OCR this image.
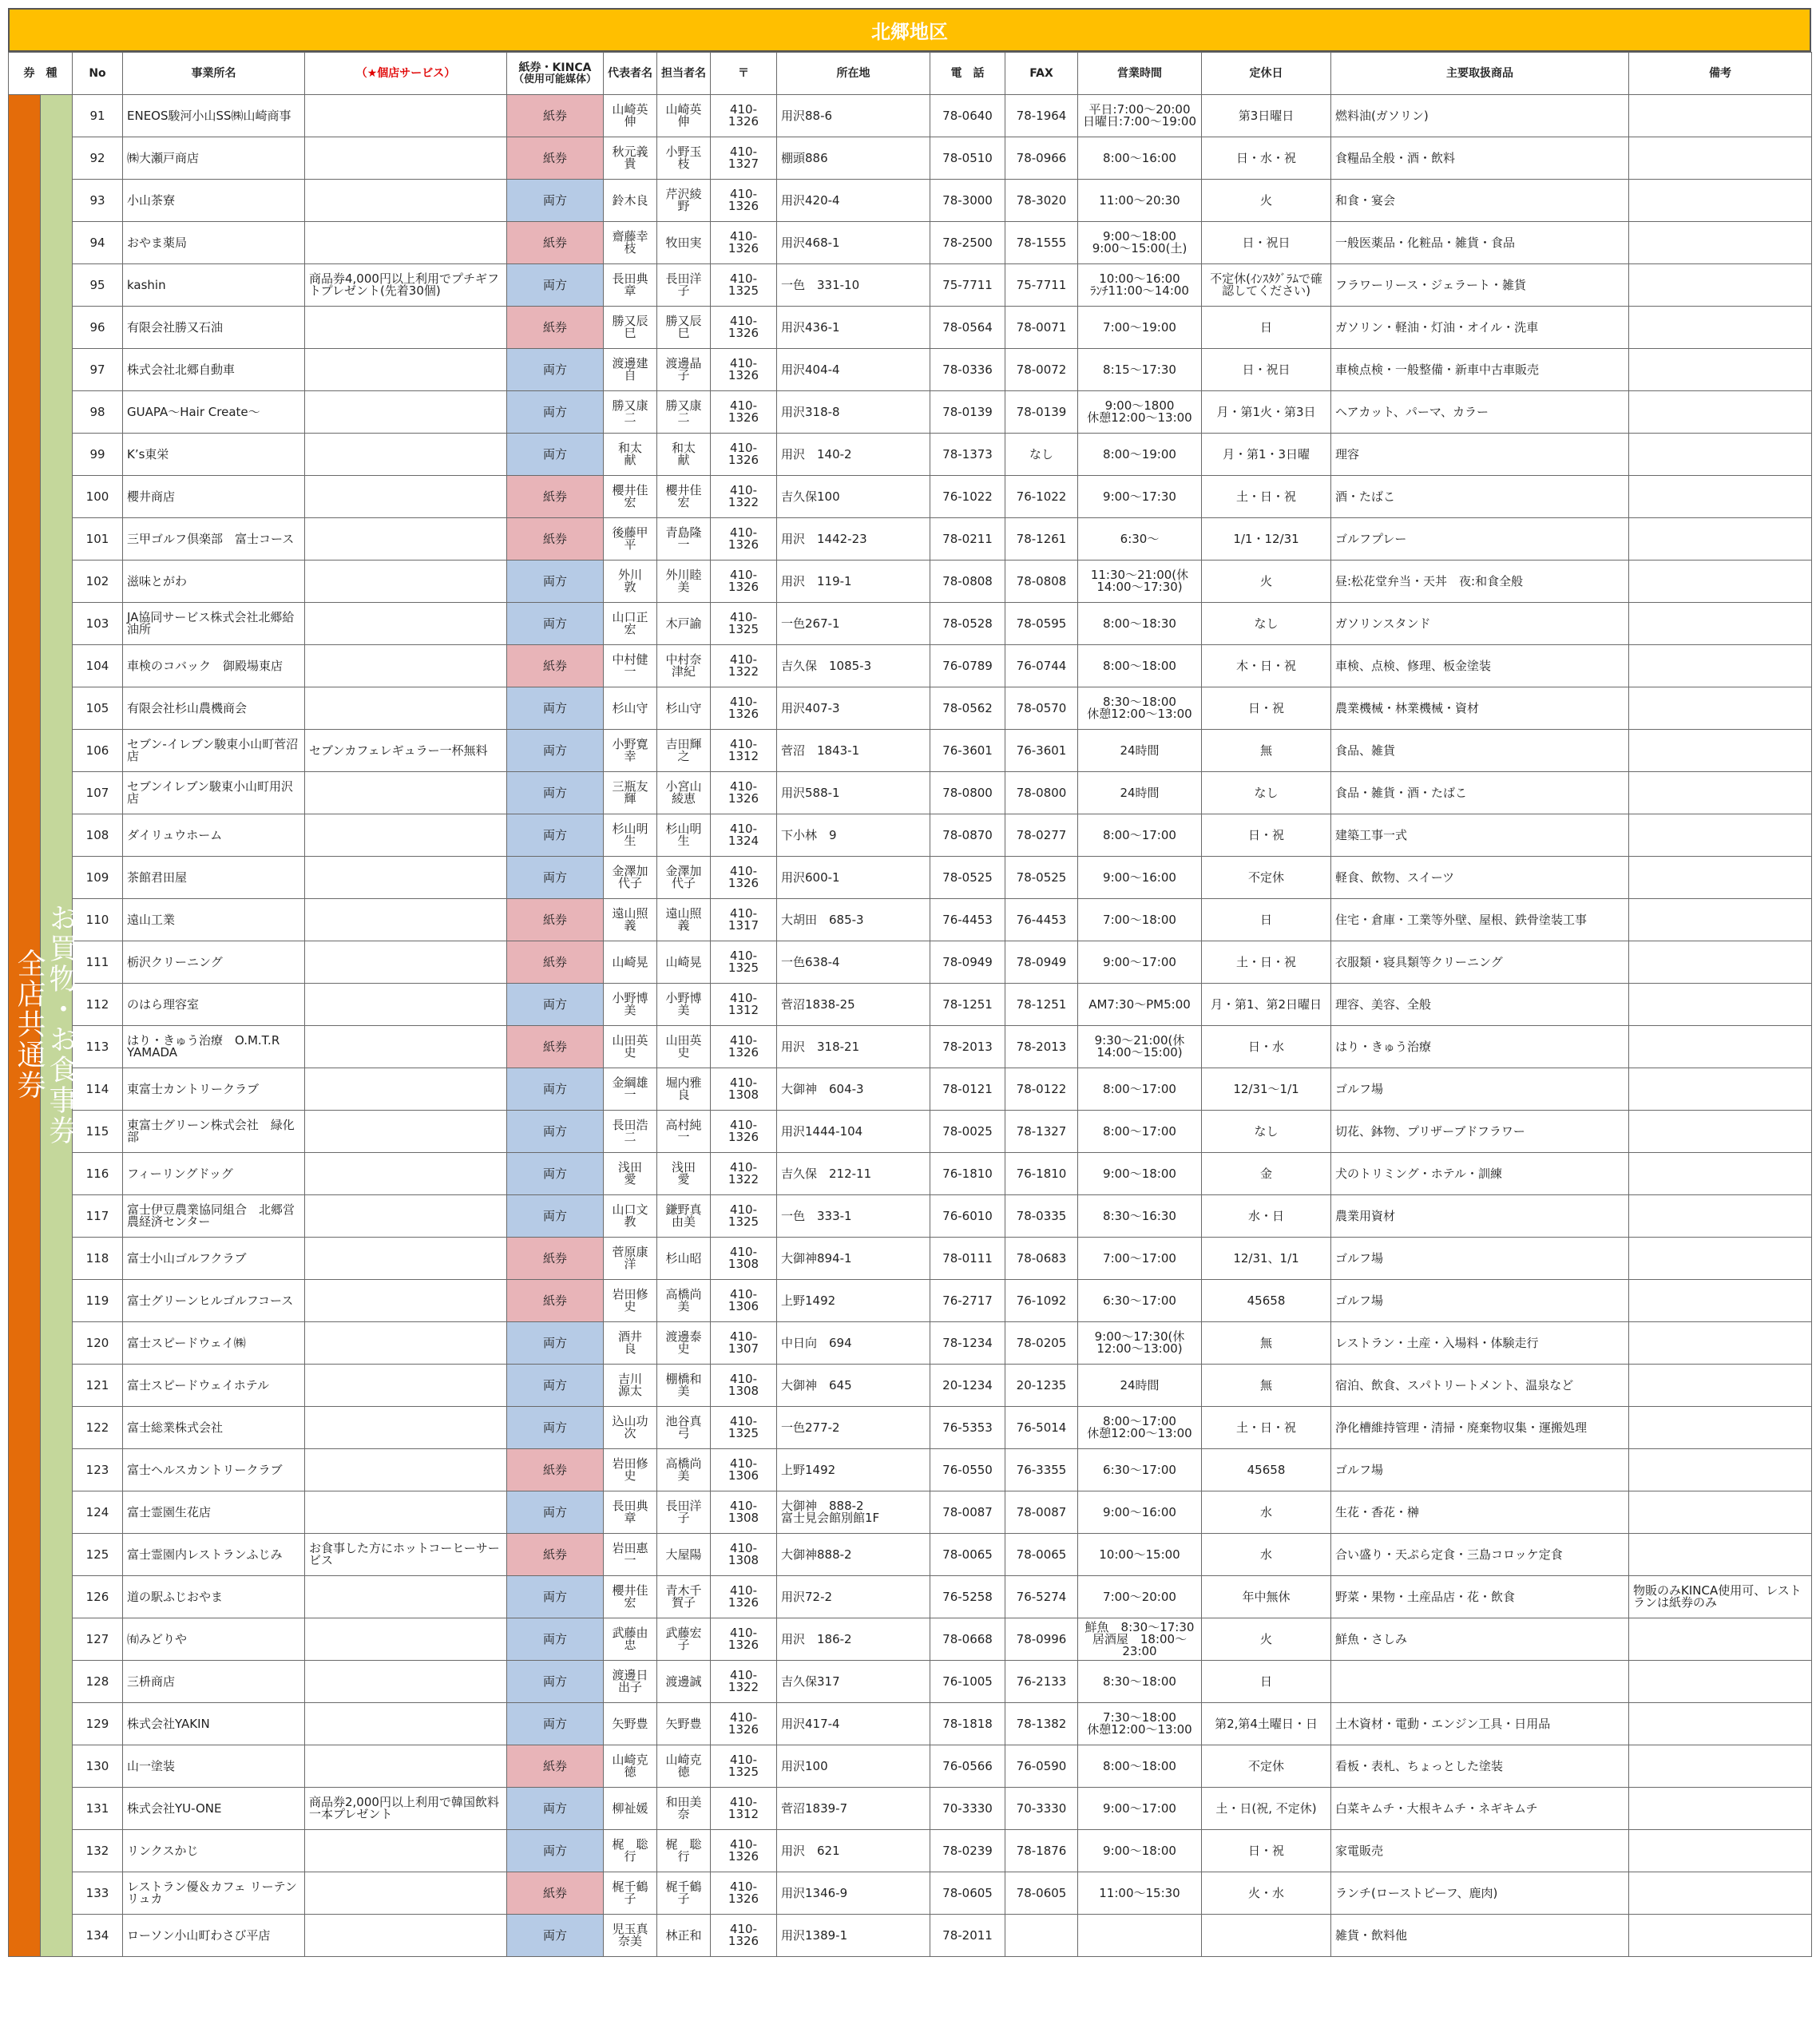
北郷地区
券　種		No	事業所名	（★個店サービス）	紙券・KINCA
（使用可能媒体）	代表者名	担当者名	〒	所在地	電　話	FAX	営業時間	定休日	主要取扱商品	備考
全店共通券	お買物・お食事券	91	ENEOS駿河小山SS㈱山崎商事		紙券	山崎英伸	山崎英伸	410-1326	用沢88-6	78-0640	78-1964	平日:7:00～20:00
日曜日:7:00～19:00	第3日曜日	燃料油(ガソリン)	
		92	㈱大瀬戸商店		紙券	秋元義貴	小野玉枝	410-1327	棚頭886	78-0510	78-0966	8:00～16:00	日・水・祝	食糧品全般・酒・飲料	
		93	小山茶寮		両方	鈴木良	芹沢綾野	410-1326	用沢420-4	78-3000	78-3020	11:00～20:30	火	和食・宴会	
		94	おやま薬局		紙券	齋藤幸枝	牧田実	410-1326	用沢468-1	78-2500	78-1555	9:00～18:00
9:00～15:00(土)	日・祝日	一般医薬品・化粧品・雑貨・食品	
		95	kashin	商品券4,000円以上利用でプチギフトプレゼント(先着30個)	両方	長田典章	長田洋子	410-1325	一色　331-10	75-7711	75-7711	10:00～16:00
ﾗﾝﾁ11:00～14:00	不定休(ｲﾝｽﾀｸﾞﾗﾑで確認してください)	フラワーリース・ジェラート・雑貨	
		96	有限会社勝又石油		紙券	勝又辰巳	勝又辰巳	410-1326	用沢436-1	78-0564	78-0071	7:00～19:00	日	ガソリン・軽油・灯油・オイル・洗車	
		97	株式会社北郷自動車		両方	渡邊建自	渡邊晶子	410-1326	用沢404-4	78-0336	78-0072	8:15～17:30	日・祝日	車検点検・一般整備・新車中古車販売	
		98	GUAPA～Hair Create～		両方	勝又康二	勝又康二	410-1326	用沢318-8	78-0139	78-0139	9:00～1800
休憩12:00～13:00	月・第1火・第3日	ヘアカット、パーマ、カラー	
		99	K’s東栄		両方	和太　献	和太　献	410-1326	用沢　140-2	78-1373	なし	8:00～19:00	月・第1・3日曜	理容	
		100	櫻井商店		紙券	櫻井佳宏	櫻井佳宏	410-1322	吉久保100	76-1022	76-1022	9:00～17:30	土・日・祝	酒・たばこ	
		101	三甲ゴルフ倶楽部　富士コース		紙券	後藤甲平	青島隆一	410-1326	用沢　1442-23	78-0211	78-1261	6:30～	1/1・12/31	ゴルフプレー	
		102	滋味とがわ		両方	外川　敦	外川睦美	410-1326	用沢　119-1	78-0808	78-0808	11:30～21:00(休14:00～17:30)	火	昼:松花堂弁当・天丼　夜:和食全般	
		103	JA協同サービス株式会社北郷給油所		両方	山口正宏	木戸諭	410-1325	一色267-1	78-0528	78-0595	8:00～18:30	なし	ガソリンスタンド	
		104	車検のコバック　御殿場東店		紙券	中村健一	中村奈津紀	410-1322	吉久保　1085-3	76-0789	76-0744	8:00～18:00	木・日・祝	車検、点検、修理、板金塗装	
		105	有限会社杉山農機商会		両方	杉山守	杉山守	410-1326	用沢407-3	78-0562	78-0570	8:30～18:00
休憩12:00～13:00	日・祝	農業機械・林業機械・資材	
		106	セブン-イレブン駿東小山町菅沼店	セブンカフェレギュラー一杯無料	両方	小野寛幸	吉田輝之	410-1312	菅沼　1843-1	76-3601	76-3601	24時間	無	食品、雑貨	
		107	セブンイレブン駿東小山町用沢店		両方	三瓶友輝	小宮山綾恵	410-1326	用沢588-1	78-0800	78-0800	24時間	なし	食品・雑貨・酒・たばこ	
		108	ダイリュウホーム		両方	杉山明生	杉山明生	410-1324	下小林　9	78-0870	78-0277	8:00～17:00	日・祝	建築工事一式	
		109	茶館君田屋		両方	金澤加代子	金澤加代子	410-1326	用沢600-1	78-0525	78-0525	9:00～16:00	不定休	軽食、飲物、スイーツ	
		110	遠山工業		紙券	遠山照義	遠山照義	410-1317	大胡田　685-3	76-4453	76-4453	7:00～18:00	日	住宅・倉庫・工業等外壁、屋根、鉄骨塗装工事	
		111	栃沢クリーニング		紙券	山崎晃	山崎晃	410-1325	一色638-4	78-0949	78-0949	9:00～17:00	土・日・祝	衣服類・寝具類等クリーニング	
		112	のはら理容室		両方	小野博美	小野博美	410-1312	菅沼1838-25	78-1251	78-1251	AM7:30～PM5:00	月・第1、第2日曜日	理容、美容、全般	
		113	はり・きゅう治療　O.M.T.R YAMADA		紙券	山田英史	山田英史	410-1326	用沢　318-21	78-2013	78-2013	9:30～21:00(休14:00～15:00)	日・水	はり・きゅう治療	
		114	東富士カントリークラブ		両方	金綱雄一	堀内雅良	410-1308	大御神　604-3	78-0121	78-0122	8:00～17:00	12/31～1/1	ゴルフ場	
		115	東富士グリーン株式会社　緑化部		両方	長田浩二	高村純一	410-1326	用沢1444-104	78-0025	78-1327	8:00～17:00	なし	切花、鉢物、プリザーブドフラワー	
		116	フィーリングドッグ		両方	浅田　愛	浅田　愛	410-1322	吉久保　212-11	76-1810	76-1810	9:00～18:00	金	犬のトリミング・ホテル・訓練	
		117	富士伊豆農業協同組合　北郷営農経済センター		両方	山口文教	鎌野真由美	410-1325	一色　333-1	76-6010	78-0335	8:30～16:30	水・日	農業用資材	
		118	富士小山ゴルフクラブ		紙券	菅原康洋	杉山昭	410-1308	大御神894-1	78-0111	78-0683	7:00～17:00	12/31、1/1	ゴルフ場	
		119	富士グリーンヒルゴルフコース		紙券	岩田修史	高橋尚美	410-1306	上野1492	76-2717	76-1092	6:30～17:00	45658	ゴルフ場	
		120	富士スピードウェイ㈱		両方	酒井　良	渡邊泰史	410-1307	中日向　694	78-1234	78-0205	9:00～17:30(休12:00～13:00)	無	レストラン・土産・入場料・体験走行	
		121	富士スピードウェイホテル		両方	吉川　源太	棚橋和美	410-1308	大御神　645	20-1234	20-1235	24時間	無	宿泊、飲食、スパトリートメント、温泉など	
		122	富士総業株式会社		両方	込山功次	池谷真弓	410-1325	一色277-2	76-5353	76-5014	8:00～17:00
休憩12:00～13:00	土・日・祝	浄化槽維持管理・清掃・廃棄物収集・運搬処理	
		123	富士ヘルスカントリークラブ		紙券	岩田修史	高橋尚美	410-1306	上野1492	76-0550	76-3355	6:30～17:00	45658	ゴルフ場	
		124	富士霊園生花店		両方	長田典章	長田洋子	410-1308	大御神　888-2
富士見会館別館1F	78-0087	78-0087	9:00～16:00	水	生花・香花・榊	
		125	富士霊園内レストランふじみ	お食事した方にホットコーヒーサービス	紙券	岩田惠一	大屋陽	410-1308	大御神888-2	78-0065	78-0065	10:00～15:00	水	合い盛り・天ぷら定食・三島コロッケ定食	
		126	道の駅ふじおやま		両方	櫻井佳宏	青木千賀子	410-1326	用沢72-2	76-5258	76-5274	7:00～20:00	年中無休	野菜・果物・土産品店・花・飲食	物販のみKINCA使用可、レストランは紙券のみ
		127	㈲みどりや		両方	武藤由忠	武藤宏子	410-1326	用沢　186-2	78-0668	78-0996	鮮魚　8:30～17:30
居酒屋　18:00～23:00	火	鮮魚・さしみ	
		128	三枡商店		両方	渡邊日出子	渡邊誠	410-1322	吉久保317	76-1005	76-2133	8:30～18:00	日		
		129	株式会社YAKIN		両方	矢野豊	矢野豊	410-1326	用沢417-4	78-1818	78-1382	7:30～18:00
休憩12:00～13:00	第2,第4土曜日・日	土木資材・電動・エンジン工具・日用品	
		130	山一塗装		紙券	山崎克徳	山崎克徳	410-1325	用沢100	76-0566	76-0590	8:00～18:00	不定休	看板・表札、ちょっとした塗装	
		131	株式会社YU-ONE	商品券2,000円以上利用で韓国飲料一本プレゼント	両方	柳祉媛	和田美奈	410-1312	菅沼1839-7	70-3330	70-3330	9:00～17:00	土・日(祝, 不定休)	白菜キムチ・大根キムチ・ネギキムチ	
		132	リンクスかじ		両方	梶　聡行	梶　聡行	410-1326	用沢　621	78-0239	78-1876	9:00～18:00	日・祝	家電販売	
		133	レストラン優＆カフェ リーテンリュカ		紙券	梶千鶴子	梶千鶴子	410-1326	用沢1346-9	78-0605	78-0605	11:00～15:30	火・水	ランチ(ローストビーフ、鹿肉)	
		134	ローソン小山町わさび平店		両方	児玉真奈美	林正和	410-1326	用沢1389-1	78-2011				雑貨・飲料他	
